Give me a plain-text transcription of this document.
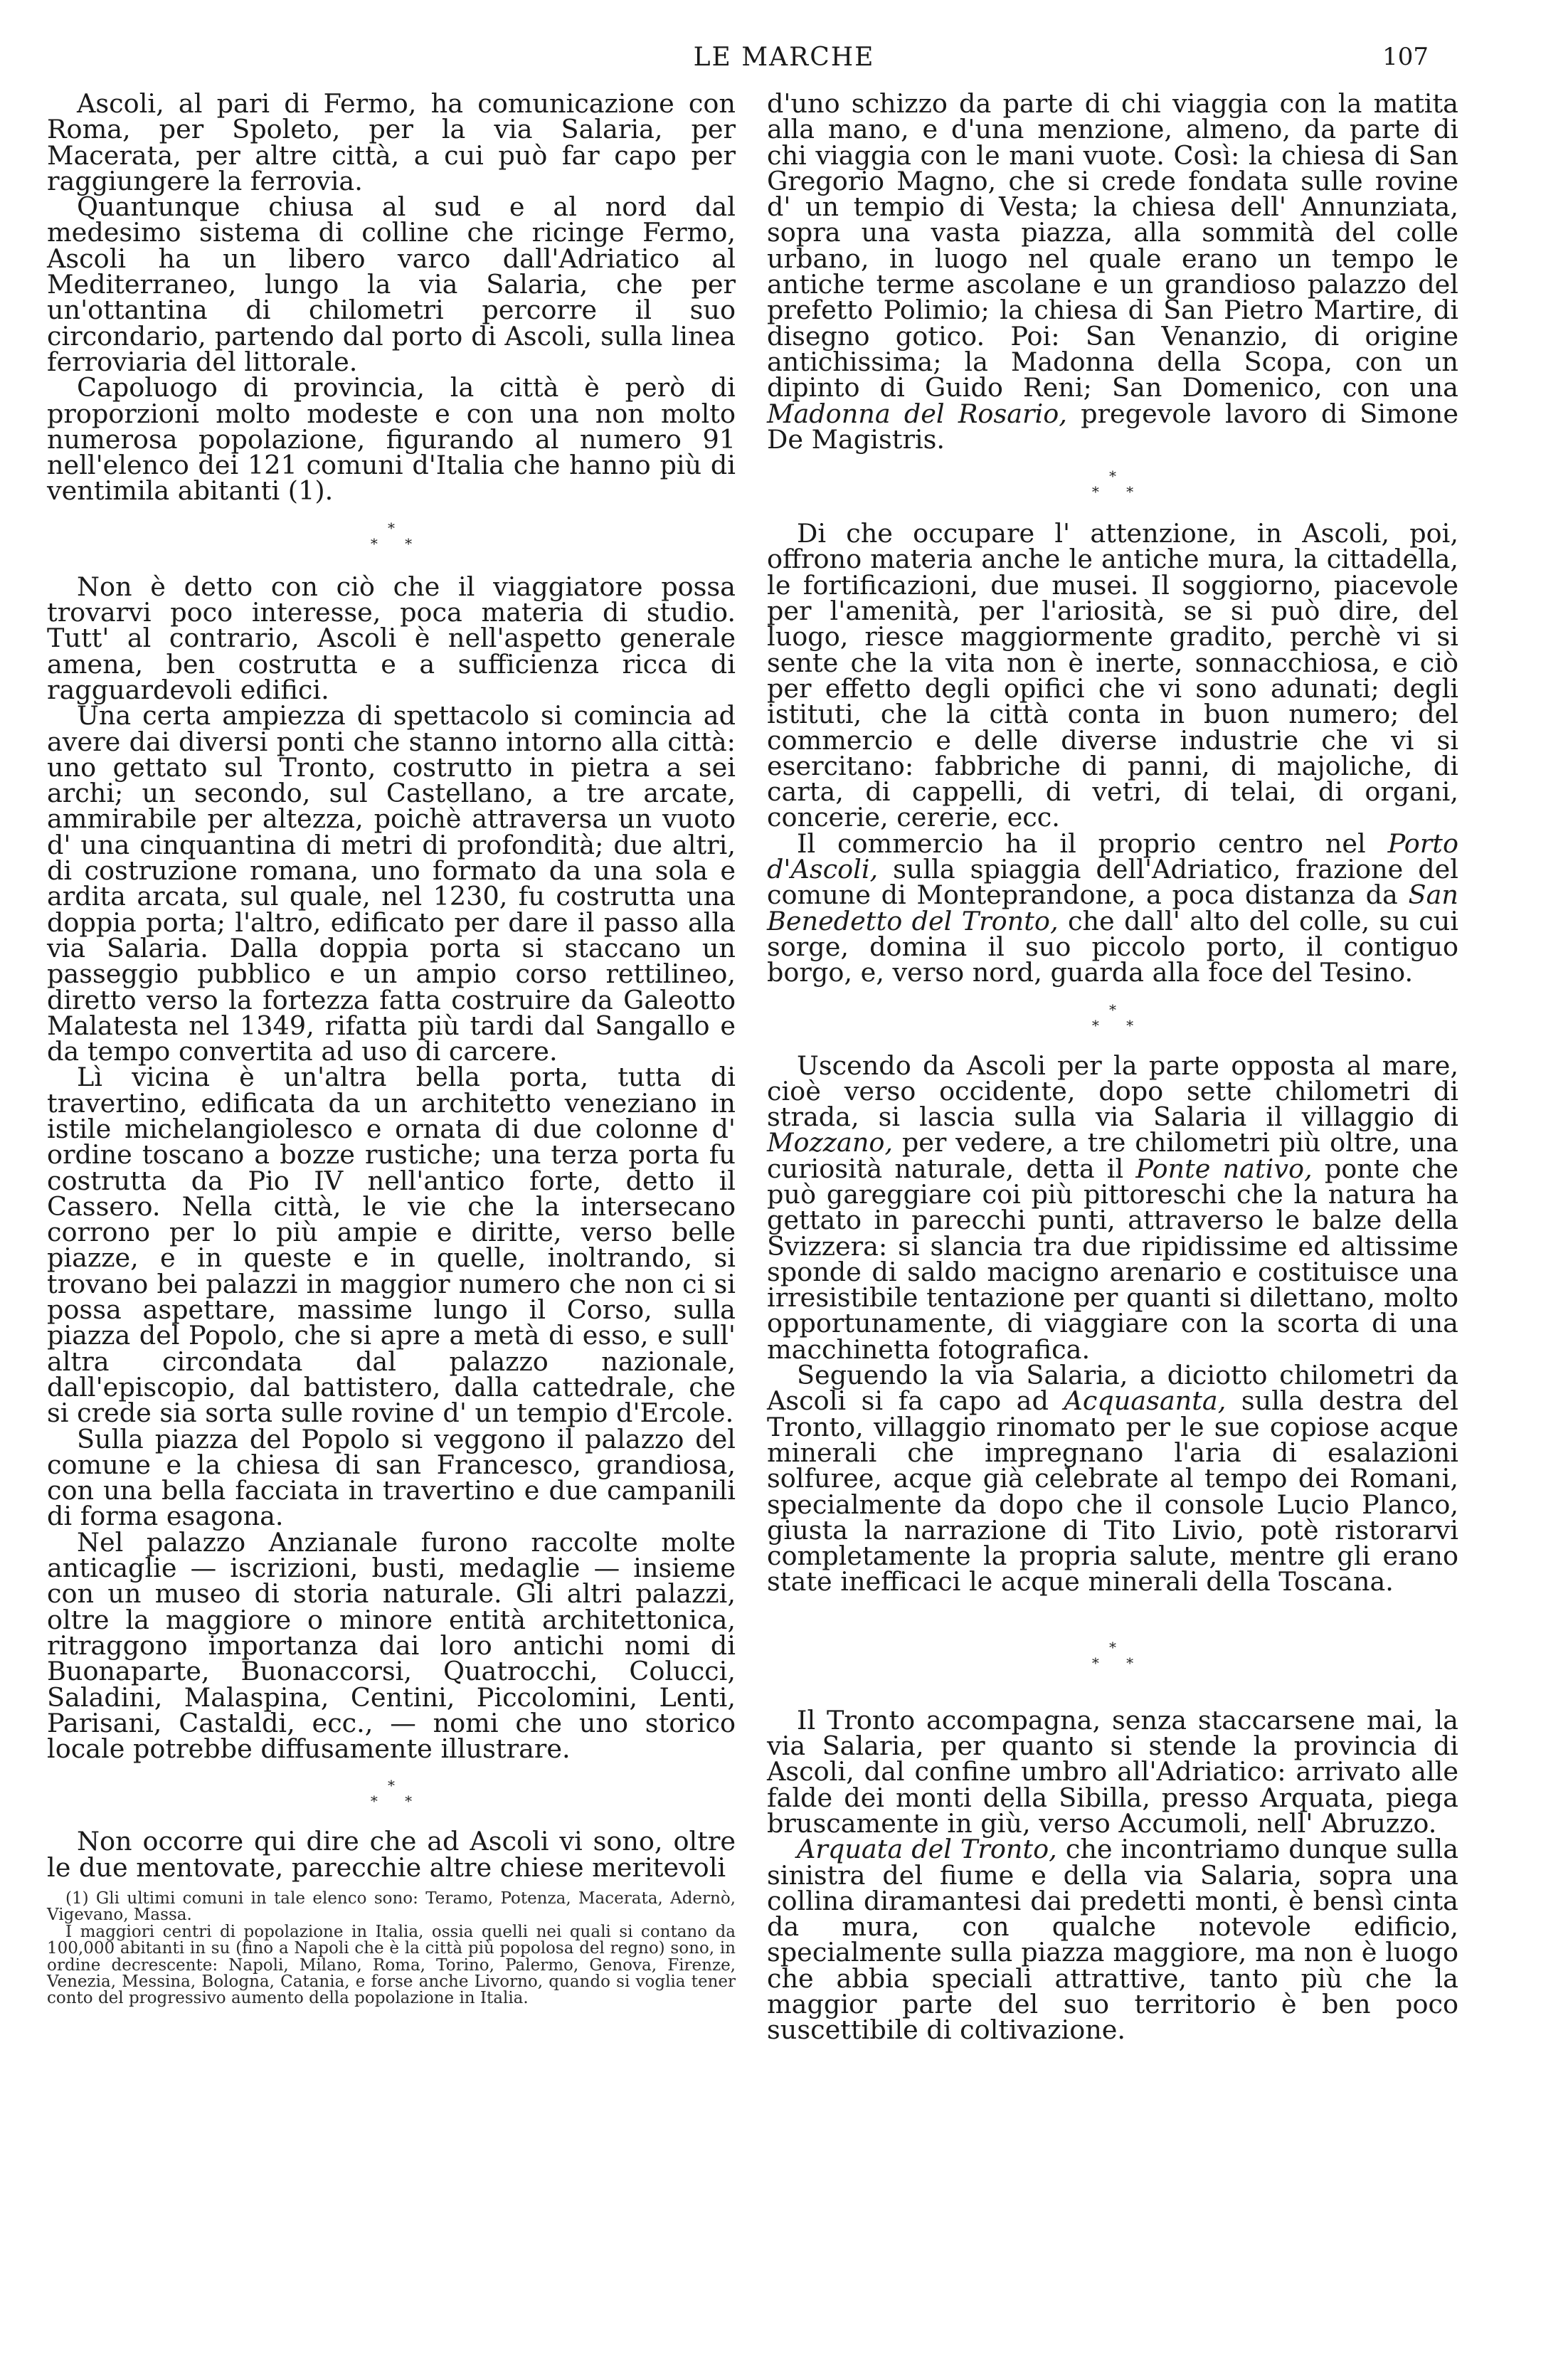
LE MARCHE	107

Ascoli, al pari di Fermo, ha comunicazione con Roma, per Spoleto, per la via Salaria, per Macerata, per altre città, a cui può far capo per raggiungere la ferrovia.

Quantunque chiusa al sud e al nord dal medesimo sistema di colline che ricinge Fermo, Ascoli ha un libero varco dall'Adriatico al Mediterraneo, lungo la via Salaria, che per un'ottantina di chilometri percorre il suo circondario, partendo dal porto di Ascoli, sulla linea ferroviaria del littorale.

Capoluogo di provincia, la città è però di proporzioni molto modeste e con una non molto numerosa popolazione, figurando al numero 91 nell'elenco dei 121 comuni d'Italia che hanno più di ventimila abitanti (1).

*
* *

Non è detto con ciò che il viaggiatore possa trovarvi poco interesse, poca materia di studio. Tutt' al contrario, Ascoli è nell'aspetto generale amena, ben costrutta e a sufficienza ricca di ragguardevoli edifici.

Una certa ampiezza di spettacolo si comincia ad avere dai diversi ponti che stanno intorno alla città: uno gettato sul Tronto, costrutto in pietra a sei archi; un secondo, sul Castellano, a tre arcate, ammirabile per altezza, poichè attraversa un vuoto d' una cinquantina di metri di profondità; due altri, di costruzione romana, uno formato da una sola e ardita arcata, sul quale, nel 1230, fu costrutta una doppia porta; l'altro, edificato per dare il passo alla via Salaria. Dalla doppia porta si staccano un passeggio pubblico e un ampio corso rettilineo, diretto verso la fortezza fatta costruire da Galeotto Malatesta nel 1349, rifatta più tardi dal Sangallo e da tempo convertita ad uso di carcere.

Lì vicina è un'altra bella porta, tutta di travertino, edificata da un architetto veneziano in istile michelangiolesco e ornata di due colonne d' ordine toscano a bozze rustiche; una terza porta fu costrutta da Pio IV nell'antico forte, detto il Cassero. Nella città, le vie che la intersecano corrono per lo più ampie e diritte, verso belle piazze, e in queste e in quelle, inoltrando, si trovano bei palazzi in maggior numero che non ci si possa aspettare, massime lungo il Corso, sulla piazza del Popolo, che si apre a metà di esso, e sull' altra circondata dal palazzo nazionale, dall'episcopio, dal battistero, dalla cattedrale, che si crede sia sorta sulle rovine d' un tempio d'Ercole.

Sulla piazza del Popolo si veggono il palazzo del comune e la chiesa di san Francesco, grandiosa, con una bella facciata in travertino e due campanili di forma esagona.

Nel palazzo Anzianale furono raccolte molte anticaglie — iscrizioni, busti, medaglie — insieme con un museo di storia naturale. Gli altri palazzi, oltre la maggiore o minore entità architettonica, ritraggono importanza dai loro antichi nomi di Buonaparte, Buonaccorsi, Quatrocchi, Colucci, Saladini, Malaspina, Centini, Piccolomini, Lenti, Parisani, Castaldi, ecc., — nomi che uno storico locale potrebbe diffusamente illustrare.

*
* *

Non occorre qui dire che ad Ascoli vi sono, oltre le due mentovate, parecchie altre chiese meritevoli

(1) Gli ultimi comuni in tale elenco sono: Teramo, Potenza, Macerata, Adernò, Vigevano, Massa.

I maggiori centri di popolazione in Italia, ossia quelli nei quali si contano da 100,000 abitanti in su (fino a Napoli che è la città più popolosa del regno) sono, in ordine decrescente: Napoli, Milano, Roma, Torino, Palermo, Genova, Firenze, Venezia, Messina, Bologna, Catania, e forse anche Livorno, quando si voglia tener conto del progressivo aumento della popolazione in Italia.

d'uno schizzo da parte di chi viaggia con la matita alla mano, e d'una menzione, almeno, da parte di chi viaggia con le mani vuote. Così: la chiesa di San Gregorio Magno, che si crede fondata sulle rovine d' un tempio di Vesta; la chiesa dell' Annunziata, sopra una vasta piazza, alla sommità del colle urbano, in luogo nel quale erano un tempo le antiche terme ascolane e un grandioso palazzo del prefetto Polimio; la chiesa di San Pietro Martire, di disegno gotico. Poi: San Venanzio, di origine antichissima; la Madonna della Scopa, con un dipinto di Guido Reni; San Domenico, con una Madonna del Rosario, pregevole lavoro di Simone De Magistris.

*
* *

Di che occupare l' attenzione, in Ascoli, poi, offrono materia anche le antiche mura, la cittadella, le fortificazioni, due musei. Il soggiorno, piacevole per l'amenità, per l'ariosità, se si può dire, del luogo, riesce maggiormente gradito, perchè vi si sente che la vita non è inerte, sonnacchiosa, e ciò per effetto degli opifici che vi sono adunati; degli istituti, che la città conta in buon numero; del commercio e delle diverse industrie che vi si esercitano: fabbriche di panni, di majoliche, di carta, di cappelli, di vetri, di telai, di organi, concerie, cererie, ecc.

Il commercio ha il proprio centro nel Porto d'Ascoli, sulla spiaggia dell'Adriatico, frazione del comune di Monteprandone, a poca distanza da San Benedetto del Tronto, che dall' alto del colle, su cui sorge, domina il suo piccolo porto, il contiguo borgo, e, verso nord, guarda alla foce del Tesino.

*
* *

Uscendo da Ascoli per la parte opposta al mare, cioè verso occidente, dopo sette chilometri di strada, si lascia sulla via Salaria il villaggio di Mozzano, per vedere, a tre chilometri più oltre, una curiosità naturale, detta il Ponte nativo, ponte che può gareggiare coi più pittoreschi che la natura ha gettato in parecchi punti, attraverso le balze della Svizzera: si slancia tra due ripidissime ed altissime sponde di saldo macigno arenario e costituisce una irresistibile tentazione per quanti si dilettano, molto opportunamente, di viaggiare con la scorta di una macchinetta fotografica.

Seguendo la via Salaria, a diciotto chilometri da Ascoli si fa capo ad Acquasanta, sulla destra del Tronto, villaggio rinomato per le sue copiose acque minerali che impregnano l'aria di esalazioni solfuree, acque già celebrate al tempo dei Romani, specialmente da dopo che il console Lucio Planco, giusta la narrazione di Tito Livio, potè ristorarvi completamente la propria salute, mentre gli erano state inefficaci le acque minerali della Toscana.

*
* *

Il Tronto accompagna, senza staccarsene mai, la via Salaria, per quanto si stende la provincia di Ascoli, dal confine umbro all'Adriatico: arrivato alle falde dei monti della Sibilla, presso Arquata, piega bruscamente in giù, verso Accumoli, nell' Abruzzo.

Arquata del Tronto, che incontriamo dunque sulla sinistra del fiume e della via Salaria, sopra una collina diramantesi dai predetti monti, è bensì cinta da mura, con qualche notevole edificio, specialmente sulla piazza maggiore, ma non è luogo che abbia speciali attrattive, tanto più che la maggior parte del suo territorio è ben poco suscettibile di coltivazione.
